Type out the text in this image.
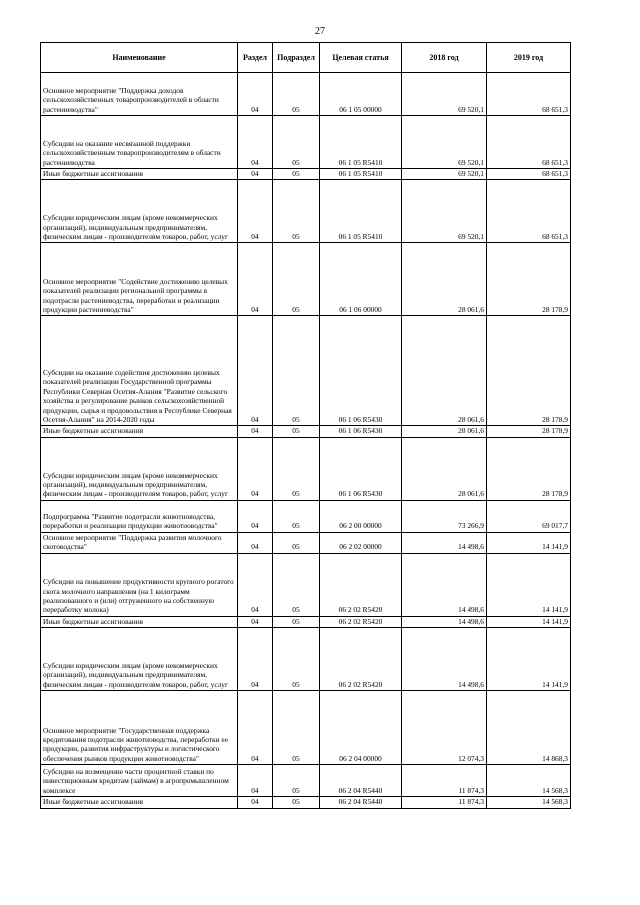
27
Наименование	Раздел	Подраздел	Целевая статья	2018 год	2019 год
Основное мероприятие "Поддержка доходов сельскохозяйственных товаропроизводителей в области растениеводства"	04	05	06 1 05 00000	69 520,1	68 651,3
Субсидии на оказание несвязанной поддержки сельскохозяйственным товаропроизводителям в области растениеводства	04	05	06 1 05 R5410	69 520,1	68 651,3
Иные бюджетные ассигнования	04	05	06 1 05 R5410	69 520,1	68 651,3
Субсидии юридическим лицам (кроме некоммерческих организаций), индивидуальным предпринимателям, физическим лицам - производителям товаров, работ, услуг	04	05	06 1 05 R5410	69 520,1	68 651,3
Основное мероприятие "Содействие достижению целевых показателей реализации региональной программы в подотрасли растениеводства, переработки и реализации продукции растениеводства"	04	05	06 1 06 00000	28 061,6	28 178,9
Субсидии на оказание содействия достижению целевых показателей реализации Государственной программы Республики Северная Осетия-Алания "Развитие сельского хозяйства и регулирование рынков сельскохозяйственной продукции, сырья и продовольствия в Республике Северная Осетия-Алания" на 2014-2020 годы	04	05	06 1 06 R5430	28 061,6	28 178,9
Иные бюджетные ассигнования	04	05	06 1 06 R5430	28 061,6	28 178,9
Субсидии юридическим лицам (кроме некоммерческих организаций), индивидуальным предпринимателям, физическим лицам - производителям товаров, работ, услуг	04	05	06 1 06 R5430	28 061,6	28 178,9
Подпрограмма "Развитие подотрасли животноводства, переработки и реализации продукции животноводства"	04	05	06 2 00 00000	73 266,9	69 017,7
Основное мероприятие "Поддержка развития молочного скотоводства"	04	05	06 2 02 00000	14 498,6	14 141,9
Субсидии на повышение продуктивности крупного рогатого скота молочного направления (на 1 килограмм реализованного и (или) отгруженного на собственную переработку молока)	04	05	06 2 02 R5420	14 498,6	14 141,9
Иные бюджетные ассигнования	04	05	06 2 02 R5420	14 498,6	14 141,9
Субсидии юридическим лицам (кроме некоммерческих организаций), индивидуальным предпринимателям, физическим лицам - производителям товаров, работ, услуг	04	05	06 2 02 R5420	14 498,6	14 141,9
Основное мероприятие "Государственная поддержка кредитования подотрасли животноводства, переработки ее продукции, развития инфраструктуры и логистического обеспечения рынков продукции животноводства"	04	05	06 2 04 00000	12 074,3	14 868,3
Субсидии на возмещение части процентной ставки по инвестиционным кредитам (займам) в агропромышленном комплексе	04	05	06 2 04 R5440	11 874,3	14 568,3
Иные бюджетные ассигнования	04	05	06 2 04 R5440	11 874,3	14 568,3
